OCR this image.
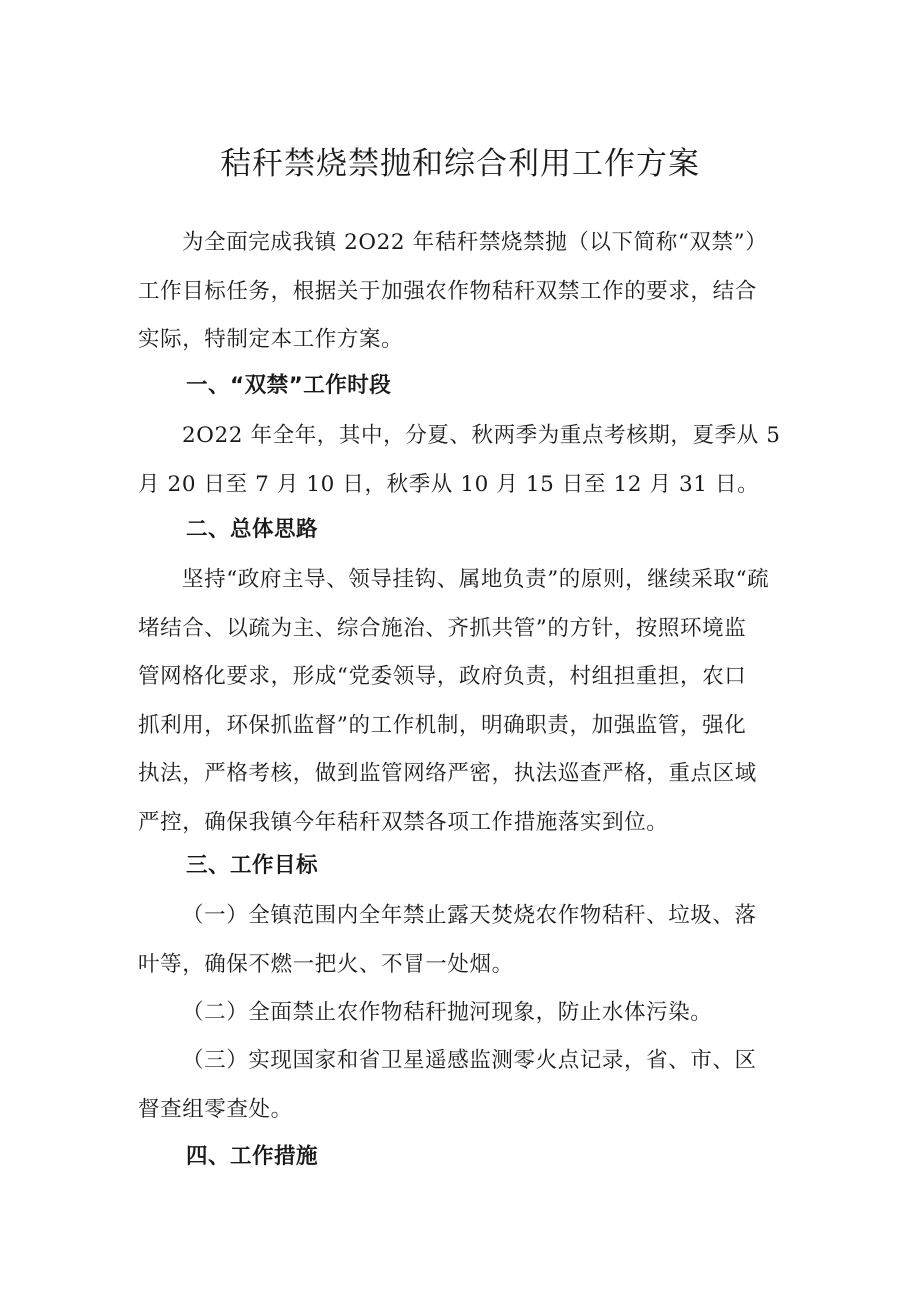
秸秆禁烧禁抛和综合利用工作方案

为全面完成我镇 2O22 年秸秆禁烧禁抛（以下简称“双禁”）
工作目标任务，根据关于加强农作物秸秆双禁工作的要求，结合
实际，特制定本工作方案。

一、“双禁”工作时段

2O22 年全年，其中，分夏、秋两季为重点考核期，夏季从 5
月 20 日至 7 月 10 日，秋季从 10 月 15 日至 12 月 31 日。

二、总体思路

坚持“政府主导、领导挂钩、属地负责”的原则，继续采取“疏
堵结合、以疏为主、综合施治、齐抓共管”的方针，按照环境监
管网格化要求，形成“党委领导，政府负责，村组担重担，农口
抓利用，环保抓监督”的工作机制，明确职责，加强监管，强化
执法，严格考核，做到监管网络严密，执法巡查严格，重点区域
严控，确保我镇今年秸秆双禁各项工作措施落实到位。

三、工作目标

（一）全镇范围内全年禁止露天焚烧农作物秸秆、垃圾、落
叶等，确保不燃一把火、不冒一处烟。

（二）全面禁止农作物秸秆抛河现象，防止水体污染。

（三）实现国家和省卫星遥感监测零火点记录，省、市、区
督查组零查处。

四、工作措施
